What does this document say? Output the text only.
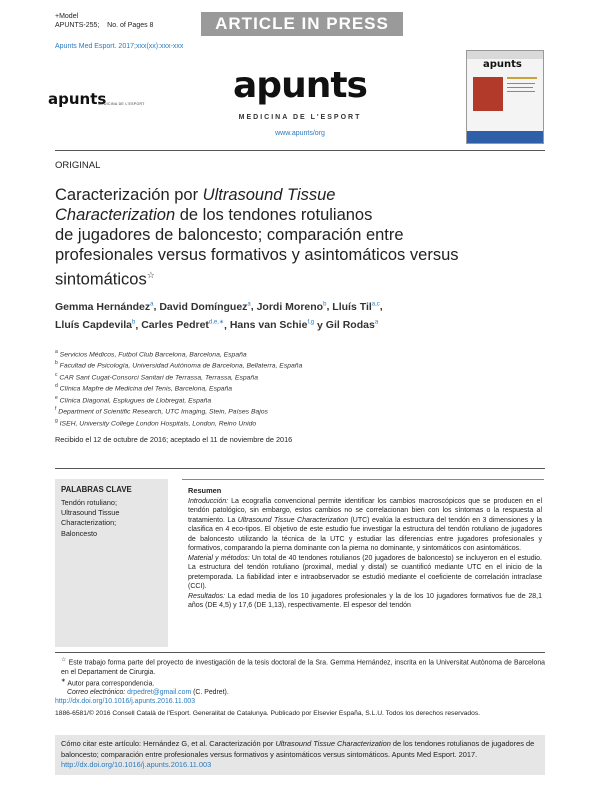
+Model
APUNTS-255; No. of Pages 8	ARTICLE IN PRESS
Apunts Med Esport. 2017;xxx(xx):xxx-xxx
apunts
MEDICINA DE L'ESPORT	apunts
MEDICINA DE L'ESPORT
www.apunts/org
apunts
ORIGINAL
Caracterización por Ultrasound Tissue
Characterization de los tendones rotulianos
de jugadores de baloncesto; comparación entre
profesionales versus formativos y asintomáticos versus
sintomáticos☆
Gemma Hernández$^a$, David Domínguez$^a$, Jordi Moreno$^b$, Lluís Til$^{a,c}$,
Lluís Capdevila$^b$, Carles Pedret$^{d,e,∗}$, Hans van Schie$^{f,g}$ y Gil Rodas$^a$
$^a$ Servicios Médicos, Futbol Club Barcelona, Barcelona, España
$^b$ Facultad de Psicología, Universidad Autónoma de Barcelona, Bellaterra, España
$^c$ CAR Sant Cugat-Consorci Sanitari de Terrassa, Terrassa, España
$^d$ Clínica Mapfre de Medicina del Tenis, Barcelona, España
$^e$ Clínica Diagonal, Esplugues de Llobregat, España
$^f$ Department of Scientific Research, UTC Imaging, Stein, Países Bajos
$^g$ ISEH, University College London Hospitals, London, Reino Unido
Recibido el 12 de octubre de 2016; aceptado el 11 de noviembre de 2016
PALABRAS CLAVE
Tendón rotuliano;
Ultrasound Tissue
Characterization;
Baloncesto
Resumen
Introducción: La ecografía convencional permite identificar los cambios macroscópicos que se producen en el tendón patológico, sin embargo, estos cambios no se correlacionan bien con los síntomas o la respuesta al tratamiento. La Ultrasound Tissue Characterization (UTC) evalúa la estructura del tendón en 3 dimensiones y la clasifica en 4 eco-tipos. El objetivo de este estudio fue investigar la estructura del tendón rotuliano de jugadores de baloncesto utilizando la técnica de la UTC y estudiar las diferencias entre jugadores profesionales y formativos, comparando la pierna dominante con la pierna no dominante, y sintomáticos con asintomáticos.
Material y métodos: Un total de 40 tendones rotulianos (20 jugadores de baloncesto) se incluyeron en el estudio. La estructura del tendón rotuliano (proximal, medial y distal) se cuantificó mediante UTC en el inicio de la pretemporada. La fiabilidad inter e intraobservador se estudió mediante el coeficiente de correlación intraclase (CCI).
Resultados: La edad media de los 10 jugadores profesionales y la de los 10 jugadores formativos fue de 28,1 años (DE 4,5) y 17,6 (DE 1,13), respectivamente. El espesor del tendón
☆ Este trabajo forma parte del proyecto de investigación de la tesis doctoral de la Sra. Gemma Hernández, inscrita en la Universitat Autònoma de Barcelona en el Departament de Cirurgia.
∗ Autor para correspondencia.
Correo electrónico: drpedret@gmail.com (C. Pedret).
http://dx.doi.org/10.1016/j.apunts.2016.11.003
1886-6581/© 2016 Consell Català de l'Esport. Generalitat de Catalunya. Publicado por Elsevier España, S.L.U. Todos los derechos reservados.
Cómo citar este artículo: Hernández G, et al. Caracterización por Ultrasound Tissue Characterization de los tendones rotulianos de jugadores de baloncesto; comparación entre profesionales versus formativos y asintomáticos versus sintomáticos. Apunts Med Esport. 2017. http://dx.doi.org/10.1016/j.apunts.2016.11.003
